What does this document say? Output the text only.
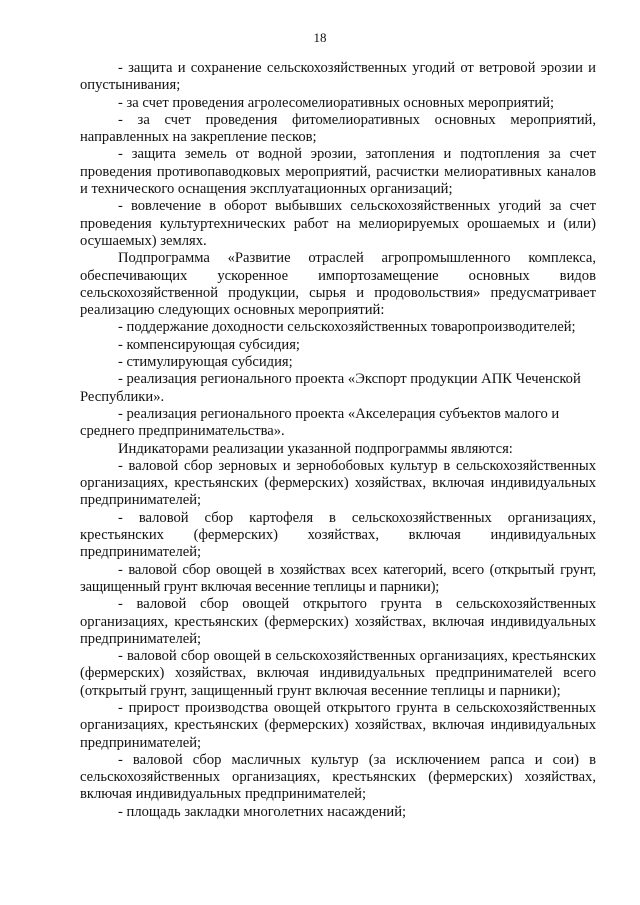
18

- защита и сохранение сельскохозяйственных угодий от ветровой эрозии и опустынивания;

- за счет проведения агролесомелиоративных основных мероприятий;

- за счет проведения фитомелиоративных основных мероприятий, направленных на закрепление песков;

- защита земель от водной эрозии, затопления и подтопления за счет проведения противопаводковых мероприятий, расчистки мелиоративных каналов и технического оснащения эксплуатационных организаций;

- вовлечение в оборот выбывших сельскохозяйственных угодий за счет проведения культуртехнических работ на мелиорируемых орошаемых и (или) осушаемых) землях.

Подпрограмма «Развитие отраслей агропромышленного комплекса, обеспечивающих ускоренное импортозамещение основных видов сельскохозяйственной продукции, сырья и продовольствия» предусматривает реализацию следующих основных мероприятий:

- поддержание доходности сельскохозяйственных товаропроизводителей;

- компенсирующая субсидия;

- стимулирующая субсидия;

- реализация регионального проекта «Экспорт продукции АПК Чеченской Республики».

- реализация регионального проекта «Акселерация субъектов малого и среднего предпринимательства».

Индикаторами реализации указанной подпрограммы являются:

- валовой сбор зерновых и зернобобовых культур в сельскохозяйственных организациях, крестьянских (фермерских) хозяйствах, включая индивидуальных предпринимателей;

- валовой сбор картофеля в сельскохозяйственных организациях, крестьянских (фермерских) хозяйствах, включая индивидуальных предпринимателей;

- валовой сбор овощей в хозяйствах всех категорий, всего (открытый грунт, защищенный грунт включая весенние теплицы и парники);

- валовой сбор овощей открытого грунта в сельскохозяйственных организациях, крестьянских (фермерских) хозяйствах, включая индивидуальных предпринимателей;

- валовой сбор овощей в сельскохозяйственных организациях, крестьянских (фермерских) хозяйствах, включая индивидуальных предпринимателей всего (открытый грунт, защищенный грунт включая весенние теплицы и парники);

- прирост производства овощей открытого грунта в сельскохозяйственных организациях, крестьянских (фермерских) хозяйствах, включая индивидуальных предпринимателей;

- валовой сбор масличных культур (за исключением рапса и сои) в сельскохозяйственных организациях, крестьянских (фермерских) хозяйствах, включая индивидуальных предпринимателей;

- площадь закладки многолетних насаждений;
